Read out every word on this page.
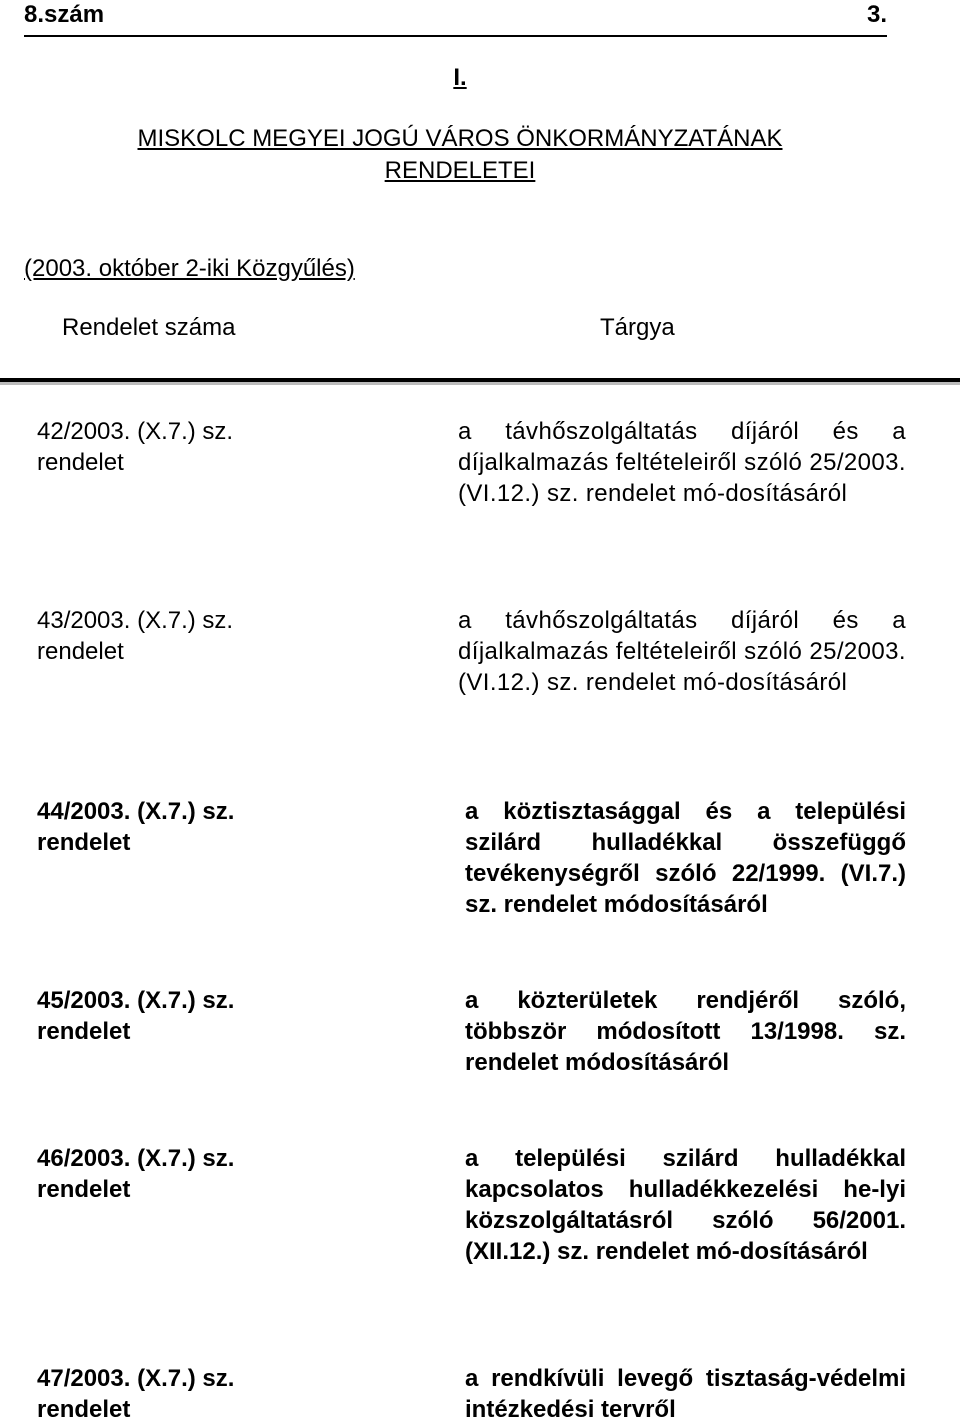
8.szám	3.
I.
MISKOLC MEGYEI JOGÚ VÁROS ÖNKORMÁNYZATÁNAK
RENDELETEI
(2003. október 2-iki Közgyűlés)
Rendelet száma	Tárgya
42/2003. (X.7.) sz. rendelet
a távhőszolgáltatás díjáról és a díjalkalmazás feltételeiről szóló 25/2003. (VI.12.) sz. rendelet mó-dosításáról
43/2003. (X.7.) sz. rendelet
a távhőszolgáltatás díjáról és a díjalkalmazás feltételeiről szóló 25/2003. (VI.12.) sz. rendelet mó-dosításáról
44/2003. (X.7.) sz. rendelet
a köztisztasággal és a települési szilárd hulladékkal összefüggő tevékenységről szóló 22/1999. (VI.7.) sz. rendelet módosításáról
45/2003. (X.7.) sz. rendelet
a közterületek rendjéről szóló, többször módosított 13/1998. sz. rendelet módosításáról
46/2003. (X.7.) sz. rendelet
a települési szilárd hulladékkal kapcsolatos hulladékkezelési he-lyi közszolgáltatásról szóló 56/2001. (XII.12.) sz. rendelet mó-dosításáról
47/2003. (X.7.) sz. rendelet
a rendkívüli levegő tisztaság-védelmi intézkedési tervről
